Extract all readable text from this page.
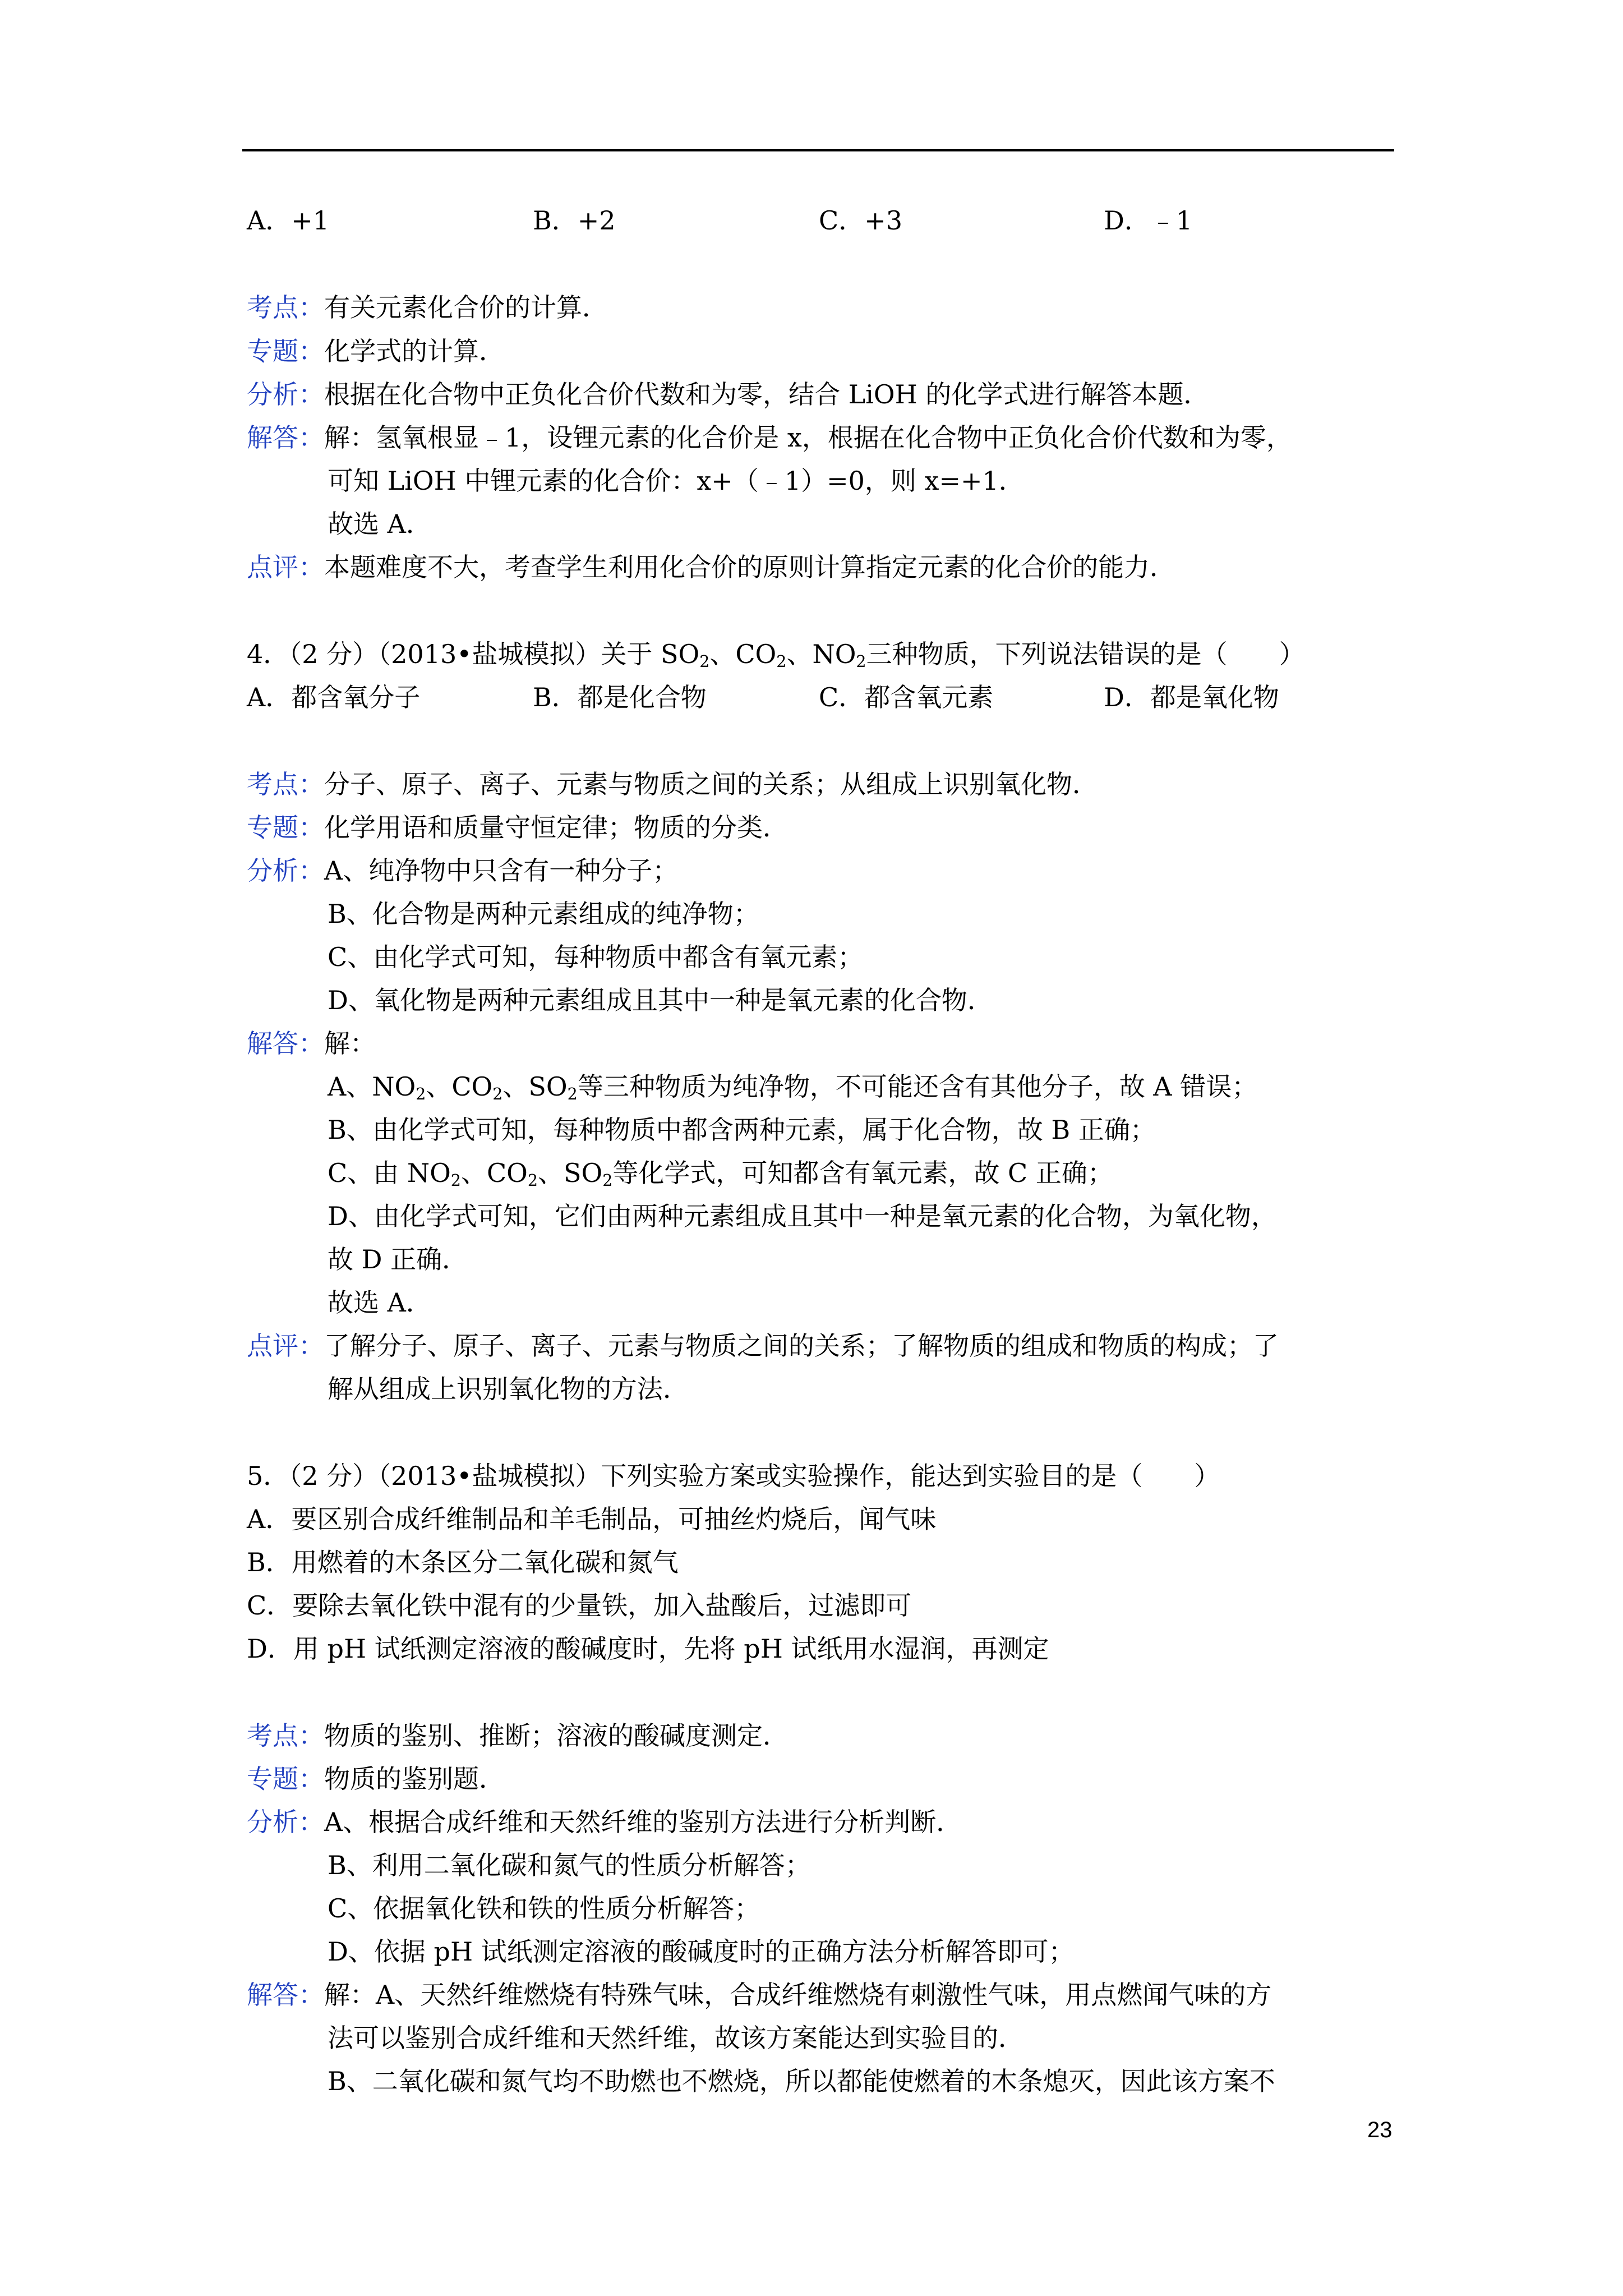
A．+1	B．+2	C．+3	D．﹣1
考点：有关元素化合价的计算．
专题：化学式的计算．
分析：根据在化合物中正负化合价代数和为零，结合 LiOH 的化学式进行解答本题．
解答：解：氢氧根显﹣1，设锂元素的化合价是 x，根据在化合物中正负化合价代数和为零，
可知 LiOH 中锂元素的化合价：x+（﹣1）=0，则 x=+1．
故选 A．
点评：本题难度不大，考查学生利用化合价的原则计算指定元素的化合价的能力．
4．（2 分）（2013•盐城模拟）关于 $SO_2$、$CO_2$、$NO_2$三种物质，下列说法错误的是（　　）
A．都含氧分子	B．都是化合物	C．都含氧元素	D．都是氧化物
考点：分子、原子、离子、元素与物质之间的关系；从组成上识别氧化物．
专题：化学用语和质量守恒定律；物质的分类．
分析：A、纯净物中只含有一种分子；
B、化合物是两种元素组成的纯净物；
C、由化学式可知，每种物质中都含有氧元素；
D、氧化物是两种元素组成且其中一种是氧元素的化合物．
解答：解：
A、$NO_2$、$CO_2$、$SO_2$等三种物质为纯净物，不可能还含有其他分子，故 A 错误；
B、由化学式可知，每种物质中都含两种元素，属于化合物，故 B 正确；
C、由 $NO_2$、$CO_2$、$SO_2$等化学式，可知都含有氧元素，故 C 正确；
D、由化学式可知，它们由两种元素组成且其中一种是氧元素的化合物，为氧化物，
故 D 正确．
故选 A．
点评：了解分子、原子、离子、元素与物质之间的关系；了解物质的组成和物质的构成；了
解从组成上识别氧化物的方法．
5．（2 分）（2013•盐城模拟）下列实验方案或实验操作，能达到实验目的是（　　）
A．要区别合成纤维制品和羊毛制品，可抽丝灼烧后，闻气味
B．用燃着的木条区分二氧化碳和氮气
C．要除去氧化铁中混有的少量铁，加入盐酸后，过滤即可
D．用 pH 试纸测定溶液的酸碱度时，先将 pH 试纸用水湿润，再测定
考点：物质的鉴别、推断；溶液的酸碱度测定．
专题：物质的鉴别题．
分析：A、根据合成纤维和天然纤维的鉴别方法进行分析判断．
B、利用二氧化碳和氮气的性质分析解答；
C、依据氧化铁和铁的性质分析解答；
D、依据 pH 试纸测定溶液的酸碱度时的正确方法分析解答即可；
解答：解：A、天然纤维燃烧有特殊气味，合成纤维燃烧有刺激性气味，用点燃闻气味的方
法可以鉴别合成纤维和天然纤维，故该方案能达到实验目的．
B、二氧化碳和氮气均不助燃也不燃烧，所以都能使燃着的木条熄灭，因此该方案不
23
